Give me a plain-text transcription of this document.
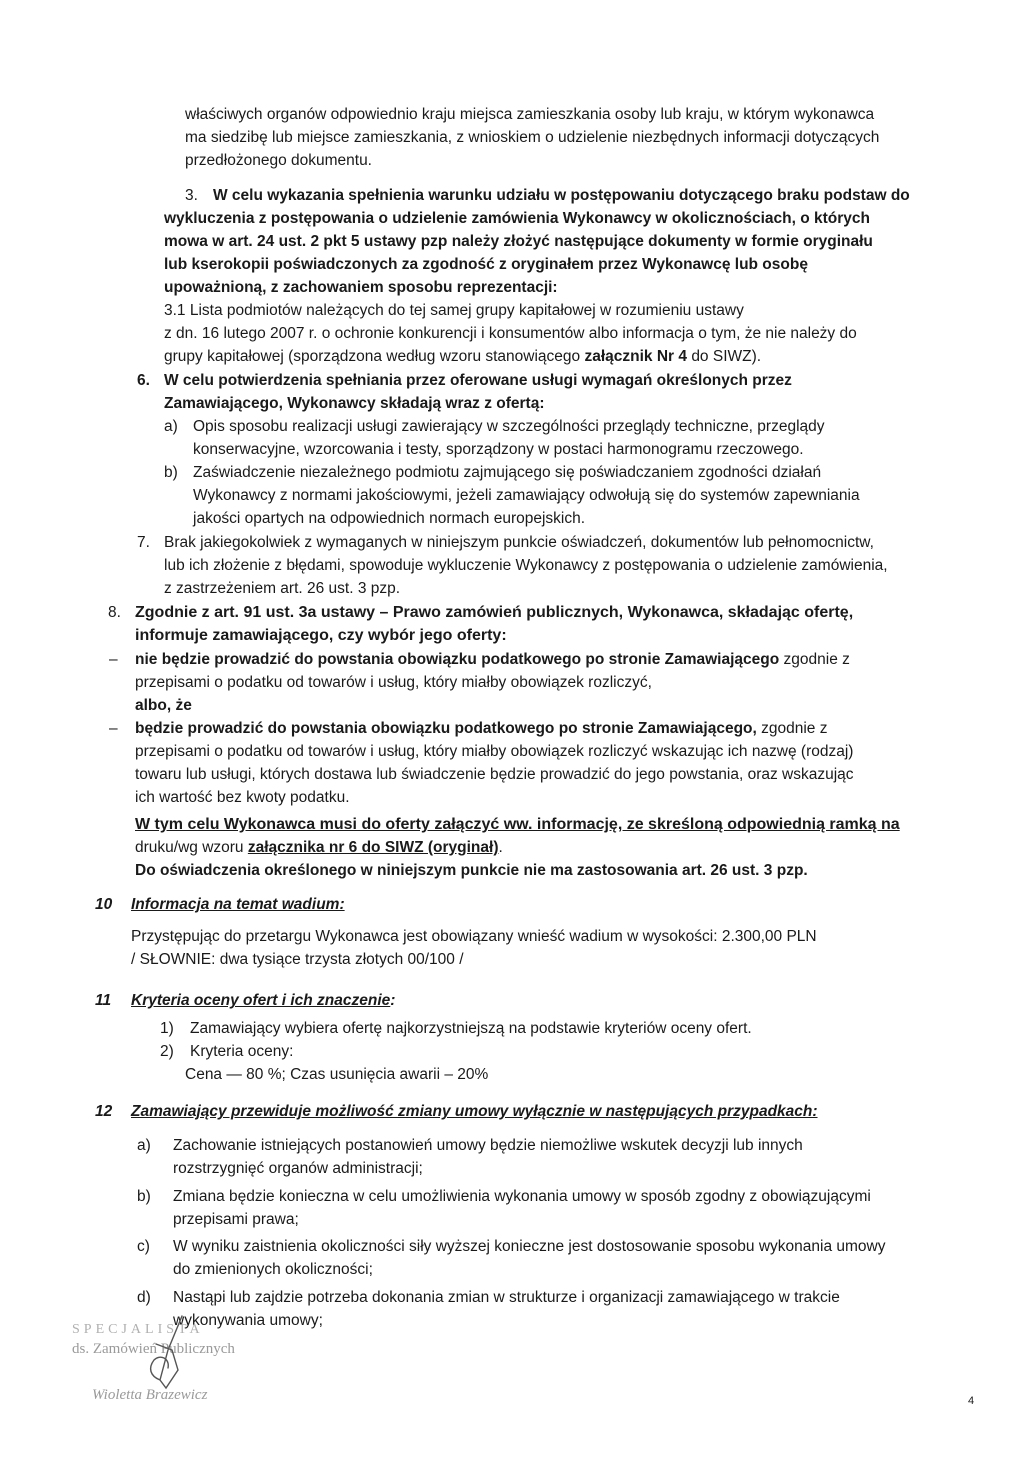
właściwych organów odpowiednio kraju miejsca zamieszkania osoby lub kraju, w którym wykonawca
ma siedzibę lub miejsce zamieszkania, z wnioskiem o udzielenie niezbędnych informacji dotyczących
przedłożonego dokumentu.
3. W celu wykazania spełnienia warunku udziału w postępowaniu dotyczącego braku podstaw do
wykluczenia z postępowania o udzielenie zamówienia Wykonawcy w okolicznościach, o których
mowa w art. 24 ust. 2 pkt 5 ustawy pzp należy złożyć następujące dokumenty w formie oryginału
lub kserokopii poświadczonych za zgodność z oryginałem przez Wykonawcę lub osobę
upoważnioną, z zachowaniem sposobu reprezentacji:
3.1 Lista podmiotów należących do tej samej grupy kapitałowej w rozumieniu ustawy
z dn. 16 lutego 2007 r. o ochronie konkurencji i konsumentów albo informacja o tym, że nie należy do
grupy kapitałowej (sporządzona według wzoru stanowiącego załącznik Nr 4 do SIWZ).
6. W celu potwierdzenia spełniania przez oferowane usługi wymagań określonych przez
Zamawiającego, Wykonawcy składają wraz z ofertą:
a) Opis sposobu realizacji usługi zawierający w szczególności przeglądy techniczne, przeglądy
konserwacyjne, wzorcowania i testy, sporządzony w postaci harmonogramu rzeczowego.
b) Zaświadczenie niezależnego podmiotu zajmującego się poświadczaniem zgodności działań
Wykonawcy z normami jakościowymi, jeżeli zamawiający odwołują się do systemów zapewniania
jakości opartych na odpowiednich normach europejskich.
7. Brak jakiegokolwiek z wymaganych w niniejszym punkcie oświadczeń, dokumentów lub pełnomocnictw,
lub ich złożenie z błędami, spowoduje wykluczenie Wykonawcy z postępowania o udzielenie zamówienia,
z zastrzeżeniem art. 26 ust. 3 pzp.
8. Zgodnie z art. 91 ust. 3a ustawy – Prawo zamówień publicznych, Wykonawca, składając ofertę,
informuje zamawiającego, czy wybór jego oferty:
– nie będzie prowadzić do powstania obowiązku podatkowego po stronie Zamawiającego zgodnie z
przepisami o podatku od towarów i usług, który miałby obowiązek rozliczyć,
albo, że
– będzie prowadzić do powstania obowiązku podatkowego po stronie Zamawiającego, zgodnie z
przepisami o podatku od towarów i usług, który miałby obowiązek rozliczyć wskazując ich nazwę (rodzaj)
towaru lub usługi, których dostawa lub świadczenie będzie prowadzić do jego powstania, oraz wskazując
ich wartość bez kwoty podatku.
W tym celu Wykonawca musi do oferty załączyć ww. informację, ze skreśloną odpowiednią ramką na
druku/wg wzoru załącznika nr 6 do SIWZ (oryginał).
Do oświadczenia określonego w niniejszym punkcie nie ma zastosowania art. 26 ust. 3 pzp.
10 Informacja na temat wadium:
Przystępując do przetargu Wykonawca jest obowiązany wnieść wadium w wysokości: 2.300,00 PLN
/ SŁOWNIE: dwa tysiące trzysta złotych 00/100 /
11 Kryteria oceny ofert i ich znaczenie:
1) Zamawiający wybiera ofertę najkorzystniejszą na podstawie kryteriów oceny ofert.
2) Kryteria oceny:
Cena — 80 %; Czas usunięcia awarii – 20%
12 Zamawiający przewiduje możliwość zmiany umowy wyłącznie w następujących przypadkach:
a) Zachowanie istniejących postanowień umowy będzie niemożliwe wskutek decyzji lub innych
rozstrzygnięć organów administracji;
b) Zmiana będzie konieczna w celu umożliwienia wykonania umowy w sposób zgodny z obowiązującymi
przepisami prawa;
c) W wyniku zaistnienia okoliczności siły wyższej konieczne jest dostosowanie sposobu wykonania umowy
do zmienionych okoliczności;
d) Nastąpi lub zajdzie potrzeba dokonania zmian w strukturze i organizacji zamawiającego w trakcie
wykonywania umowy;
SPECJALISTA
ds. Zamówień Publicznych
Wioletta Brazewicz	4
